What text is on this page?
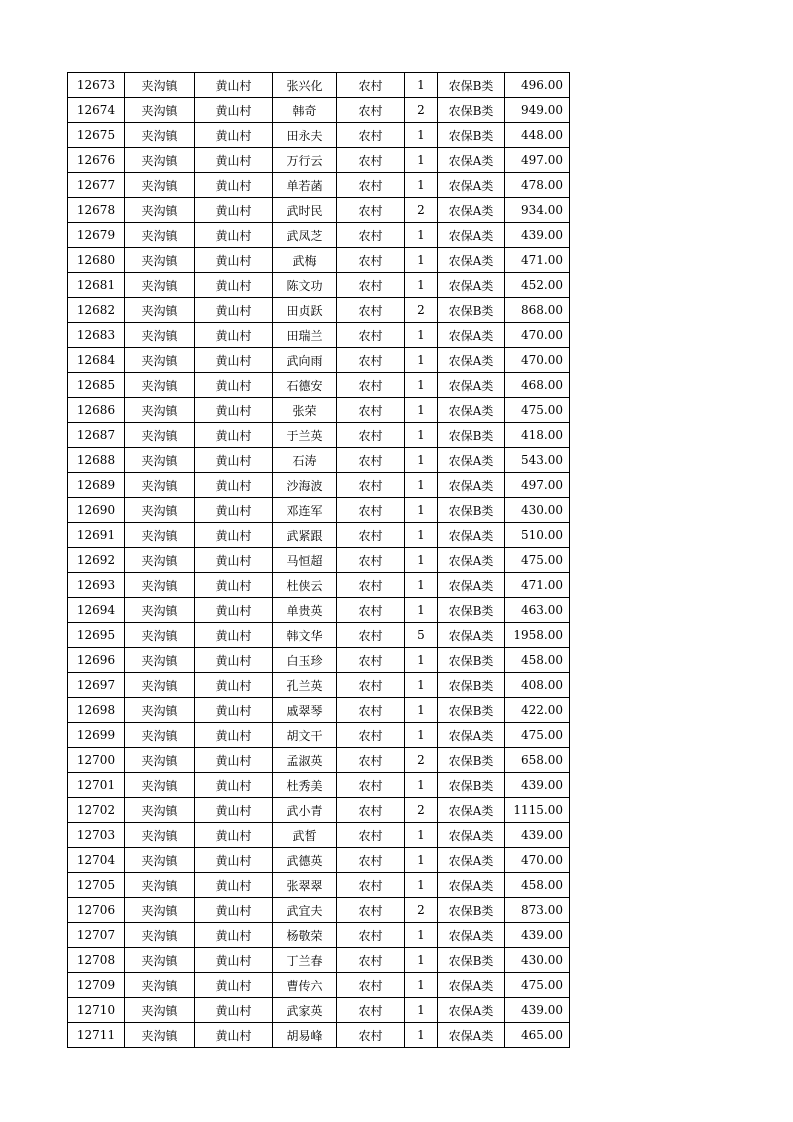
12673	夹沟镇	黄山村	张兴化	农村	1	农保B类	496.00
12674	夹沟镇	黄山村	韩奇	农村	2	农保B类	949.00
12675	夹沟镇	黄山村	田永夫	农村	1	农保B类	448.00
12676	夹沟镇	黄山村	万行云	农村	1	农保A类	497.00
12677	夹沟镇	黄山村	单若菡	农村	1	农保A类	478.00
12678	夹沟镇	黄山村	武时民	农村	2	农保A类	934.00
12679	夹沟镇	黄山村	武凤芝	农村	1	农保A类	439.00
12680	夹沟镇	黄山村	武梅	农村	1	农保A类	471.00
12681	夹沟镇	黄山村	陈文功	农村	1	农保A类	452.00
12682	夹沟镇	黄山村	田贞跃	农村	2	农保B类	868.00
12683	夹沟镇	黄山村	田瑞兰	农村	1	农保A类	470.00
12684	夹沟镇	黄山村	武向雨	农村	1	农保A类	470.00
12685	夹沟镇	黄山村	石德安	农村	1	农保A类	468.00
12686	夹沟镇	黄山村	张荣	农村	1	农保A类	475.00
12687	夹沟镇	黄山村	于兰英	农村	1	农保B类	418.00
12688	夹沟镇	黄山村	石涛	农村	1	农保A类	543.00
12689	夹沟镇	黄山村	沙海波	农村	1	农保A类	497.00
12690	夹沟镇	黄山村	邓连军	农村	1	农保B类	430.00
12691	夹沟镇	黄山村	武紧跟	农村	1	农保A类	510.00
12692	夹沟镇	黄山村	马恒超	农村	1	农保A类	475.00
12693	夹沟镇	黄山村	杜侠云	农村	1	农保A类	471.00
12694	夹沟镇	黄山村	单贵英	农村	1	农保B类	463.00
12695	夹沟镇	黄山村	韩文华	农村	5	农保A类	1958.00
12696	夹沟镇	黄山村	白玉珍	农村	1	农保B类	458.00
12697	夹沟镇	黄山村	孔兰英	农村	1	农保B类	408.00
12698	夹沟镇	黄山村	戚翠琴	农村	1	农保B类	422.00
12699	夹沟镇	黄山村	胡文干	农村	1	农保A类	475.00
12700	夹沟镇	黄山村	孟淑英	农村	2	农保B类	658.00
12701	夹沟镇	黄山村	杜秀美	农村	1	农保B类	439.00
12702	夹沟镇	黄山村	武小青	农村	2	农保A类	1115.00
12703	夹沟镇	黄山村	武皙	农村	1	农保A类	439.00
12704	夹沟镇	黄山村	武德英	农村	1	农保A类	470.00
12705	夹沟镇	黄山村	张翠翠	农村	1	农保A类	458.00
12706	夹沟镇	黄山村	武宜夫	农村	2	农保B类	873.00
12707	夹沟镇	黄山村	杨敬荣	农村	1	农保A类	439.00
12708	夹沟镇	黄山村	丁兰春	农村	1	农保B类	430.00
12709	夹沟镇	黄山村	曹传六	农村	1	农保A类	475.00
12710	夹沟镇	黄山村	武家英	农村	1	农保A类	439.00
12711	夹沟镇	黄山村	胡易峰	农村	1	农保A类	465.00
